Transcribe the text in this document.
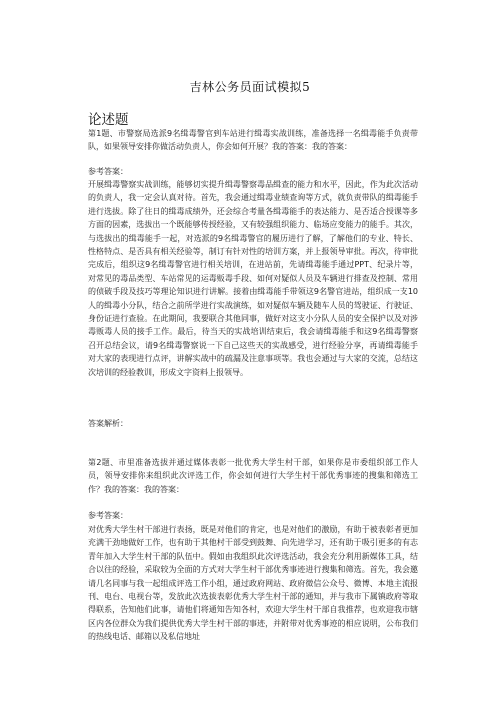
吉林公务员面试模拟5
论述题

第1题、市警察局选派9名缉毒警官到车站进行缉毒实战训练，准备选择一名缉毒能手负责带队，如果领导安排你做活动负责人，你会如何开展？我的答案：我的答案：

参考答案：

开展缉毒警察实战训练，能够切实提升缉毒警察毒品缉查的能力和水平，因此，作为此次活动的负责人，我一定会认真对待。首先，我会通过缉毒业绩查询等方式，就负责带队的缉毒能手进行选拔。除了往日的缉毒成绩外，还会综合考量各缉毒能手的表达能力、是否适合授课等多方面的因素，选拔出一个既能够传授经验，又有较强组织能力、临场应变能力的能手。其次，与选拔出的缉毒能手一起，对选派的9名缉毒警官的履历进行了解，了解他们的专业、特长、性格特点、是否具有相关经验等，制订有针对性的培训方案，并上报领导审批。再次，待审批完成后，组织这9名缉毒警官进行相关培训，在进站前，先请缉毒能手通过PPT、纪录片等，对常见的毒品类型、车站常见的运毒贩毒手段、如何对疑似人员及车辆进行排查及控制、常用的侦破手段及技巧等理论知识进行讲解。接着由缉毒能手带领这9名警官进站，组织成一支10人的缉毒小分队，结合之前所学进行实战演练，如对疑似车辆及随车人员的驾驶证、行驶证、身份证进行查验。在此期间，我要联合其他同事，做好对这支小分队人员的安全保护以及对涉毒贩毒人员的接手工作。最后，待当天的实战培训结束后，我会请缉毒能手和这9名缉毒警察召开总结会议，请9名缉毒警察说一下自己这些天的实战感受，进行经验分享，再请缉毒能手对大家的表现进行点评，讲解实战中的疏漏及注意事项等。我也会通过与大家的交流，总结这次培训的经验教训，形成文字资料上报领导。

答案解析：

第2题、市里准备选拔并通过媒体表彰一批优秀大学生村干部，如果你是市委组织部工作人员，领导安排你来组织此次评选工作，你会如何进行大学生村干部优秀事迹的搜集和筛选工作？我的答案：我的答案：

参考答案：

对优秀大学生村干部进行表扬，既是对他们的肯定，也是对他们的激励，有助于被表彰者更加充满干劲地做好工作，也有助于其他村干部受到鼓舞、向先进学习，还有助于吸引更多的有志青年加入大学生村干部的队伍中。假如由我组织此次评选活动，我会充分利用新媒体工具，结合以往的经验，采取较为全面的方式对大学生村干部优秀事迹进行搜集和筛选。首先，我会邀请几名同事与我一起组成评选工作小组，通过政府网站、政府微信公众号、微博、本地主流报刊、电台、电视台等，发放此次选拔表彰优秀大学生村干部的通知，并与我市下属镇政府等取得联系，告知他们此事，请他们将通知告知各村，欢迎大学生村干部自我推荐，也欢迎我市辖区内各位群众为我们提供优秀大学生村干部的事迹，并附带对优秀事迹的相应说明，公布我们的热线电话、邮箱以及私信地址
